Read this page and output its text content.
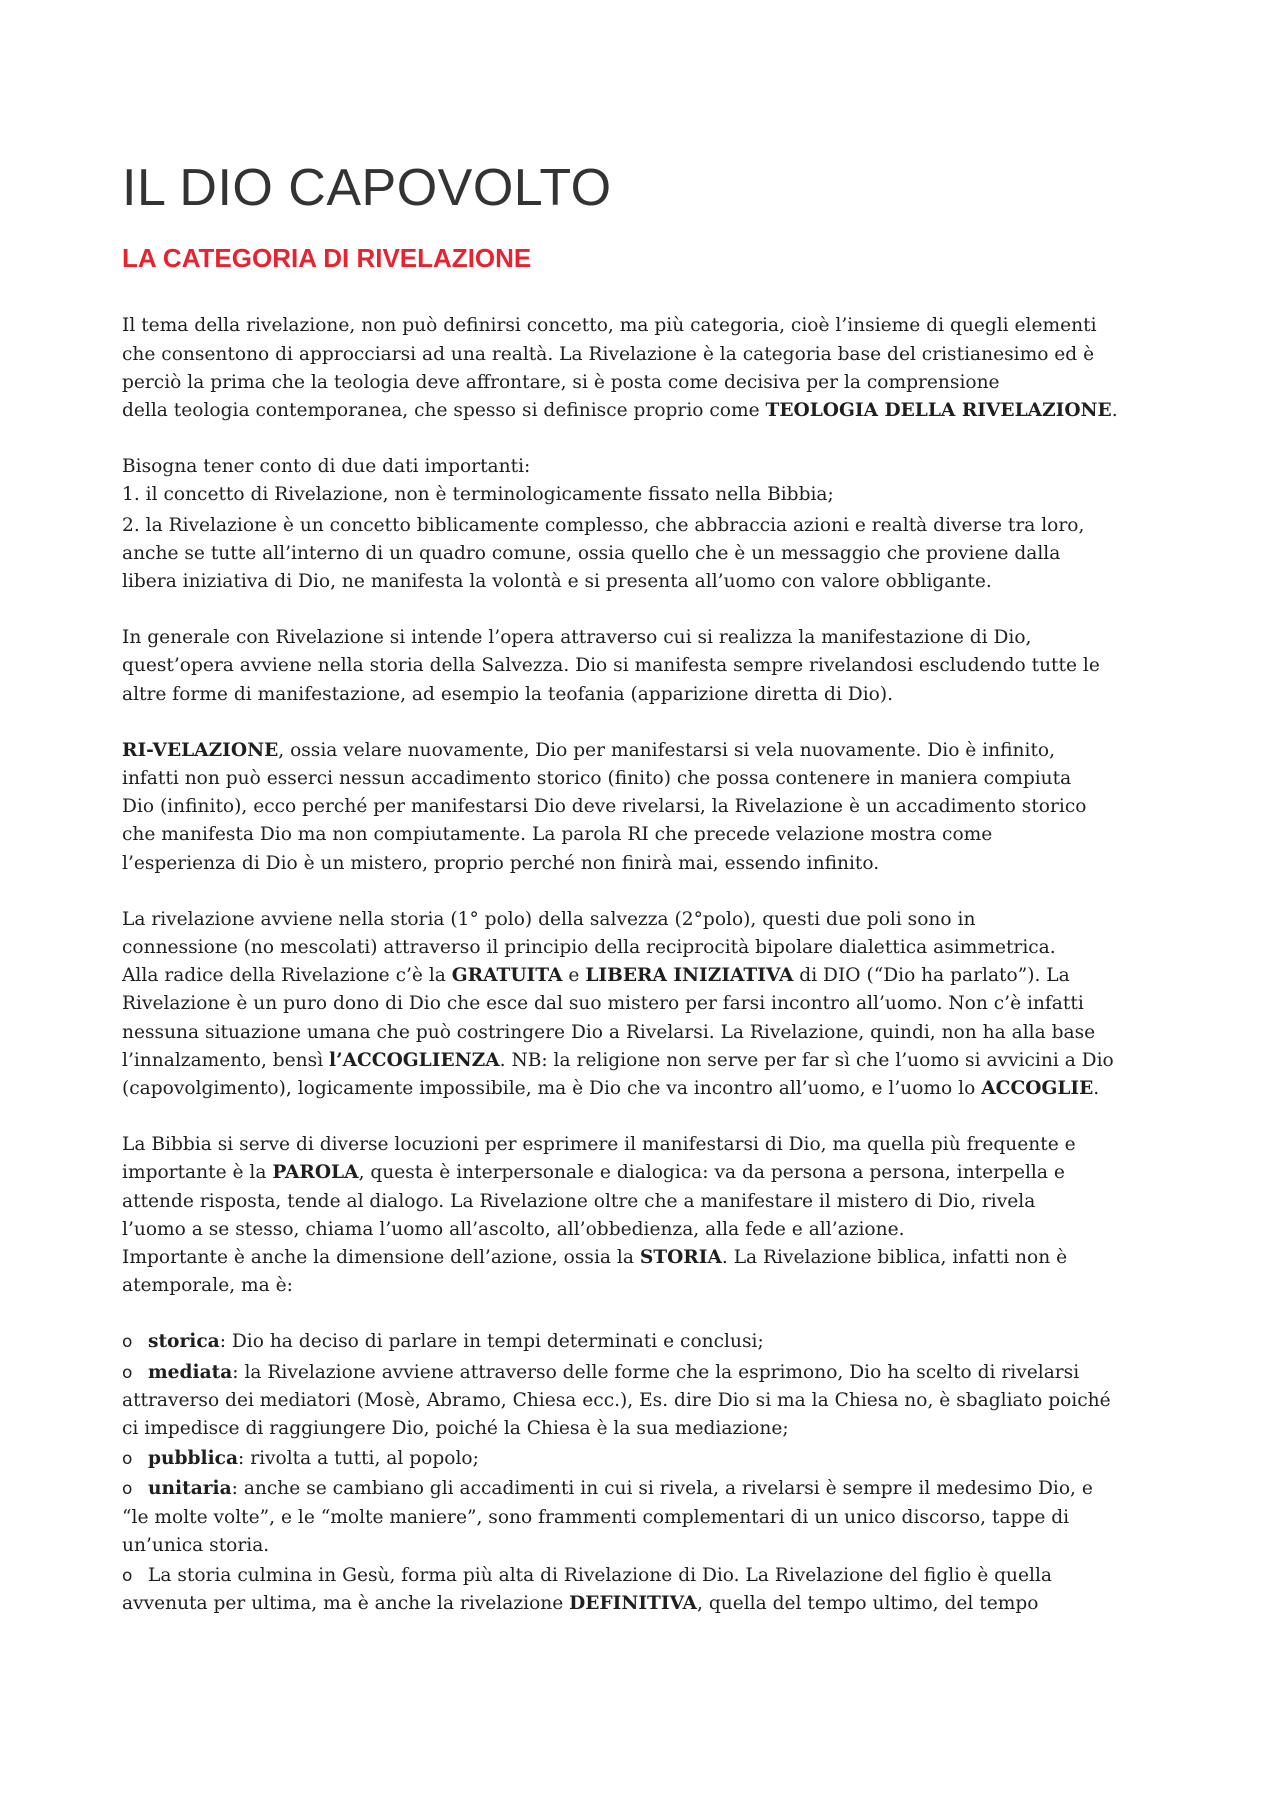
IL DIO CAPOVOLTO
LA CATEGORIA DI RIVELAZIONE

Il tema della rivelazione, non può definirsi concetto, ma più categoria, cioè l’insieme di quegli elementi
che consentono di approcciarsi ad una realtà. La Rivelazione è la categoria base del cristianesimo ed è
perciò la prima che la teologia deve affrontare, si è posta come decisiva per la comprensione
della teologia contemporanea, che spesso si definisce proprio come TEOLOGIA DELLA RIVELAZIONE.

Bisogna tener conto di due dati importanti:
1. il concetto di Rivelazione, non è terminologicamente fissato nella Bibbia;
2. la Rivelazione è un concetto biblicamente complesso, che abbraccia azioni e realtà diverse tra loro,
anche se tutte all’interno di un quadro comune, ossia quello che è un messaggio che proviene dalla
libera iniziativa di Dio, ne manifesta la volontà e si presenta all’uomo con valore obbligante.

In generale con Rivelazione si intende l’opera attraverso cui si realizza la manifestazione di Dio,
quest’opera avviene nella storia della Salvezza. Dio si manifesta sempre rivelandosi escludendo tutte le
altre forme di manifestazione, ad esempio la teofania (apparizione diretta di Dio).

RI-VELAZIONE, ossia velare nuovamente, Dio per manifestarsi si vela nuovamente. Dio è infinito,
infatti non può esserci nessun accadimento storico (finito) che possa contenere in maniera compiuta
Dio (infinito), ecco perché per manifestarsi Dio deve rivelarsi, la Rivelazione è un accadimento storico
che manifesta Dio ma non compiutamente. La parola RI che precede velazione mostra come
l’esperienza di Dio è un mistero, proprio perché non finirà mai, essendo infinito.

La rivelazione avviene nella storia (1° polo) della salvezza (2°polo), questi due poli sono in
connessione (no mescolati) attraverso il principio della reciprocità bipolare dialettica asimmetrica.
Alla radice della Rivelazione c’è la GRATUITA e LIBERA INIZIATIVA di DIO (“Dio ha parlato”). La
Rivelazione è un puro dono di Dio che esce dal suo mistero per farsi incontro all’uomo. Non c’è infatti
nessuna situazione umana che può costringere Dio a Rivelarsi. La Rivelazione, quindi, non ha alla base
l’innalzamento, bensì l’ACCOGLIENZA. NB: la religione non serve per far sì che l’uomo si avvicini a Dio
(capovolgimento), logicamente impossibile, ma è Dio che va incontro all’uomo, e l’uomo lo ACCOGLIE.

La Bibbia si serve di diverse locuzioni per esprimere il manifestarsi di Dio, ma quella più frequente e
importante è la PAROLA, questa è interpersonale e dialogica: va da persona a persona, interpella e
attende risposta, tende al dialogo. La Rivelazione oltre che a manifestare il mistero di Dio, rivela
l’uomo a se stesso, chiama l’uomo all’ascolto, all’obbedienza, alla fede e all’azione.
Importante è anche la dimensione dell’azione, ossia la STORIA. La Rivelazione biblica, infatti non è
atemporale, ma è:

o storica: Dio ha deciso di parlare in tempi determinati e conclusi;
o mediata: la Rivelazione avviene attraverso delle forme che la esprimono, Dio ha scelto di rivelarsi
attraverso dei mediatori (Mosè, Abramo, Chiesa ecc.), Es. dire Dio si ma la Chiesa no, è sbagliato poiché
ci impedisce di raggiungere Dio, poiché la Chiesa è la sua mediazione;
o pubblica: rivolta a tutti, al popolo;
o unitaria: anche se cambiano gli accadimenti in cui si rivela, a rivelarsi è sempre il medesimo Dio, e
“le molte volte”, e le “molte maniere”, sono frammenti complementari di un unico discorso, tappe di
un’unica storia.
o La storia culmina in Gesù, forma più alta di Rivelazione di Dio. La Rivelazione del figlio è quella
avvenuta per ultima, ma è anche la rivelazione DEFINITIVA, quella del tempo ultimo, del tempo
